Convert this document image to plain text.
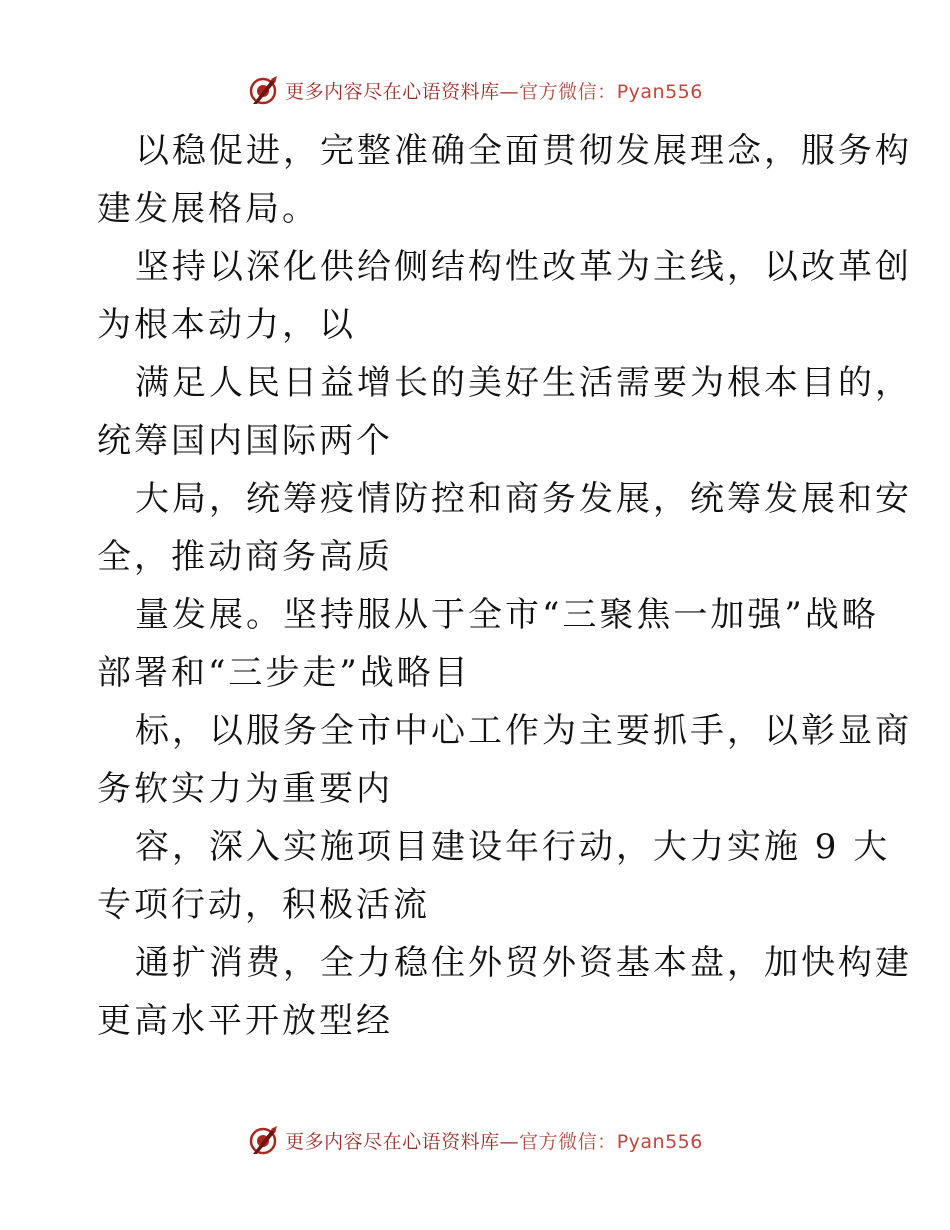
更多内容尽在心语资料库—官方微信：Pyan556

以稳促进，完整准确全面贯彻发展理念，服务构

建发展格局。

坚持以深化供给侧结构性改革为主线，以改革创

为根本动力，以

满足人民日益增长的美好生活需要为根本目的，

统筹国内国际两个

大局，统筹疫情防控和商务发展，统筹发展和安

全，推动商务高质

量发展。坚持服从于全市“三聚焦一加强”战略

部署和“三步走”战略目

标，以服务全市中心工作为主要抓手，以彰显商

务软实力为重要内

容，深入实施项目建设年行动，大力实施 9 大

专项行动，积极活流

通扩消费，全力稳住外贸外资基本盘，加快构建

更高水平开放型经

更多内容尽在心语资料库—官方微信：Pyan556
